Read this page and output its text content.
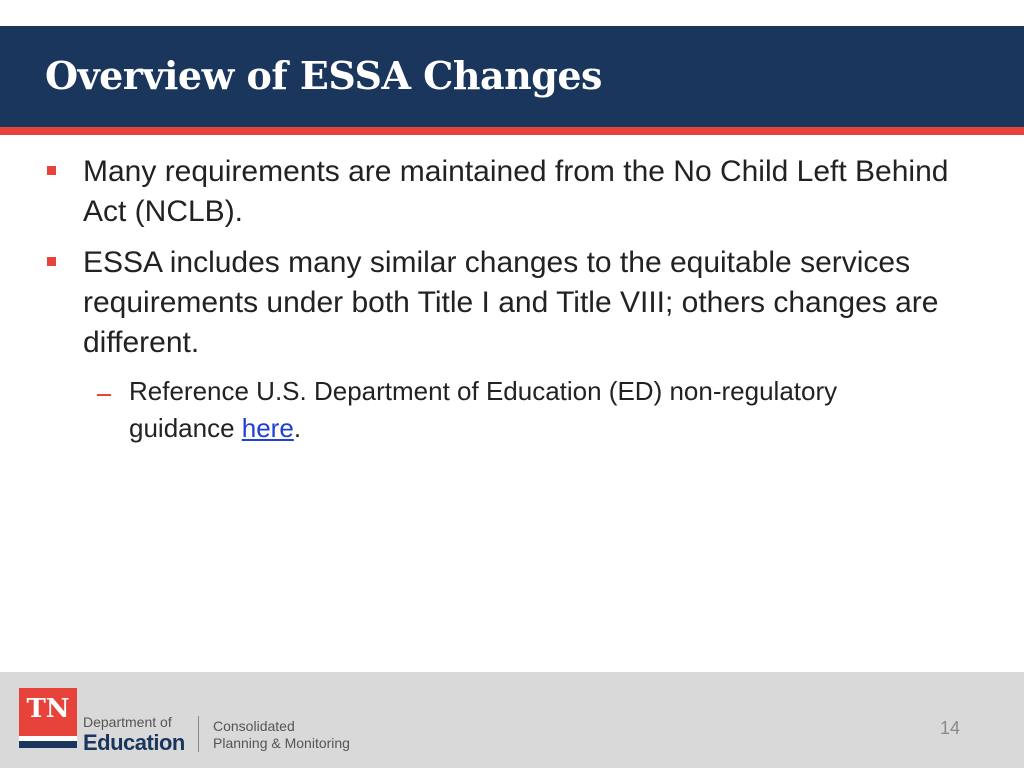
Overview of ESSA Changes
Many requirements are maintained from the No Child Left Behind Act (NCLB).
ESSA includes many similar changes to the equitable services requirements under both Title I and Title VIII; others changes are different.
Reference U.S. Department of Education (ED) non-regulatory guidance here.
TN Department of
Education
Consolidated
Planning & Monitoring
14
